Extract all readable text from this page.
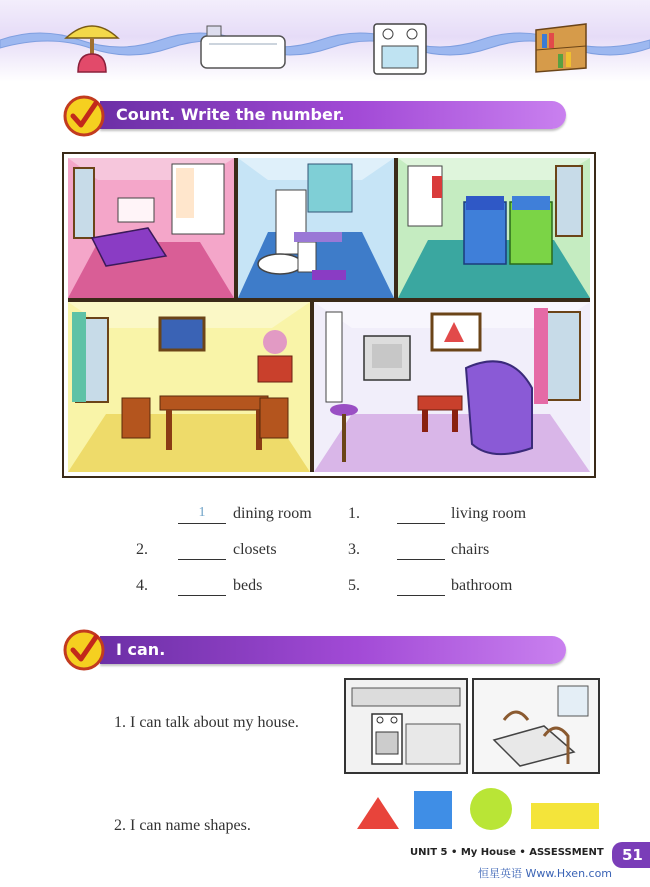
Count. Write the number.
1	dining room	1.	living room
2.	closets	3.	chairs
4.	beds	5.	bathroom
I can.
1. I can talk about my house.
2. I can name shapes.
UNIT 5 • My House • ASSESSMENT 51
恒星英语 Www.Hxen.com
